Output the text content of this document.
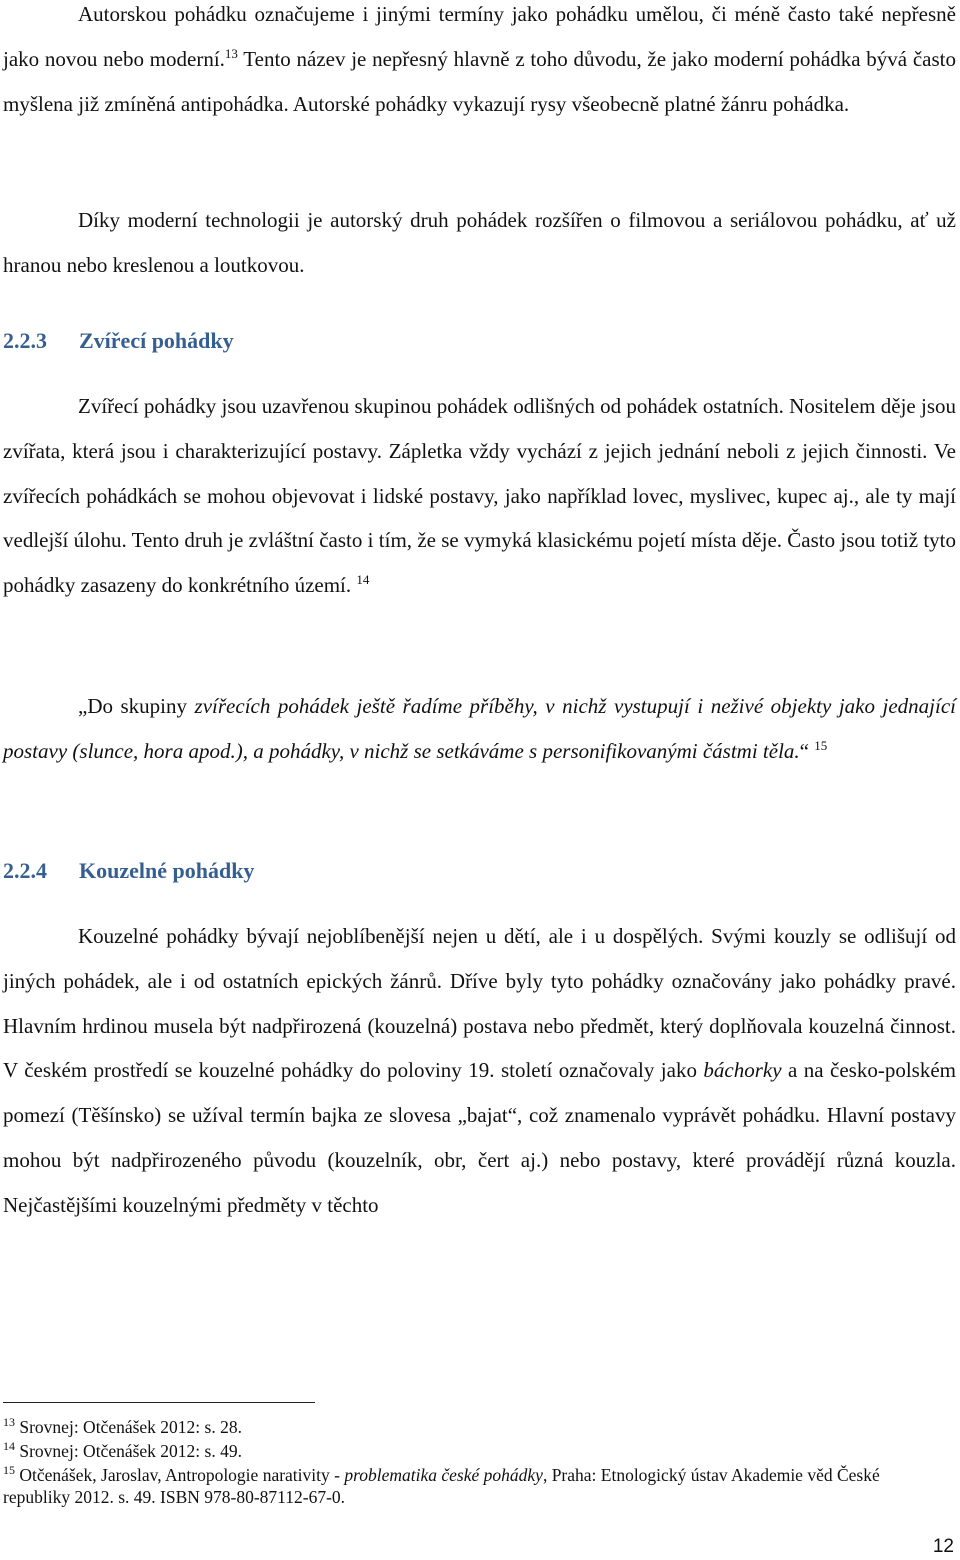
Autorskou pohádku označujeme i jinými termíny jako pohádku umělou, či méně často také nepřesně jako novou nebo moderní.$^{13}$ Tento název je nepřesný hlavně z toho důvodu, že jako moderní pohádka bývá často myšlena již zmíněná antipohádka. Autorské pohádky vykazují rysy všeobecně platné žánru pohádka.

Díky moderní technologii je autorský druh pohádek rozšířen o filmovou a seriálovou pohádku, ať už hranou nebo kreslenou a loutkovou.

2.2.3 Zvířecí pohádky

Zvířecí pohádky jsou uzavřenou skupinou pohádek odlišných od pohádek ostatních. Nositelem děje jsou zvířata, která jsou i charakterizující postavy. Zápletka vždy vychází z jejich jednání neboli z jejich činnosti. Ve zvířecích pohádkách se mohou objevovat i lidské postavy, jako například lovec, myslivec, kupec aj., ale ty mají vedlejší úlohu. Tento druh je zvláštní často i tím, že se vymyká klasickému pojetí místa děje. Často jsou totiž tyto pohádky zasazeny do konkrétního území. $^{14}$

„Do skupiny zvířecích pohádek ještě řadíme příběhy, v nichž vystupují i neživé objekty jako jednající postavy (slunce, hora apod.), a pohádky, v nichž se setkáváme s personifikovanými částmi těla.“ $^{15}$

2.2.4 Kouzelné pohádky

Kouzelné pohádky bývají nejoblíbenější nejen u dětí, ale i u dospělých. Svými kouzly se odlišují od jiných pohádek, ale i od ostatních epických žánrů. Dříve byly tyto pohádky označovány jako pohádky pravé. Hlavním hrdinou musela být nadpřirozená (kouzelná) postava nebo předmět, který doplňovala kouzelná činnost. V českém prostředí se kouzelné pohádky do poloviny 19. století označovaly jako báchorky a na česko-polském pomezí (Těšínsko) se užíval termín bajka ze slovesa „bajat“, což znamenalo vyprávět pohádku. Hlavní postavy mohou být nadpřirozeného původu (kouzelník, obr, čert aj.) nebo postavy, které provádějí různá kouzla. Nejčastějšími kouzelnými předměty v těchto

$^{13}$ Srovnej: Otčenášek 2012: s. 28.

$^{14}$ Srovnej: Otčenášek 2012: s. 49.

$^{15}$ Otčenášek, Jaroslav, Antropologie narativity - problematika české pohádky, Praha: Etnologický ústav Akademie věd České republiky 2012. s. 49. ISBN 978-80-87112-67-0.

12
